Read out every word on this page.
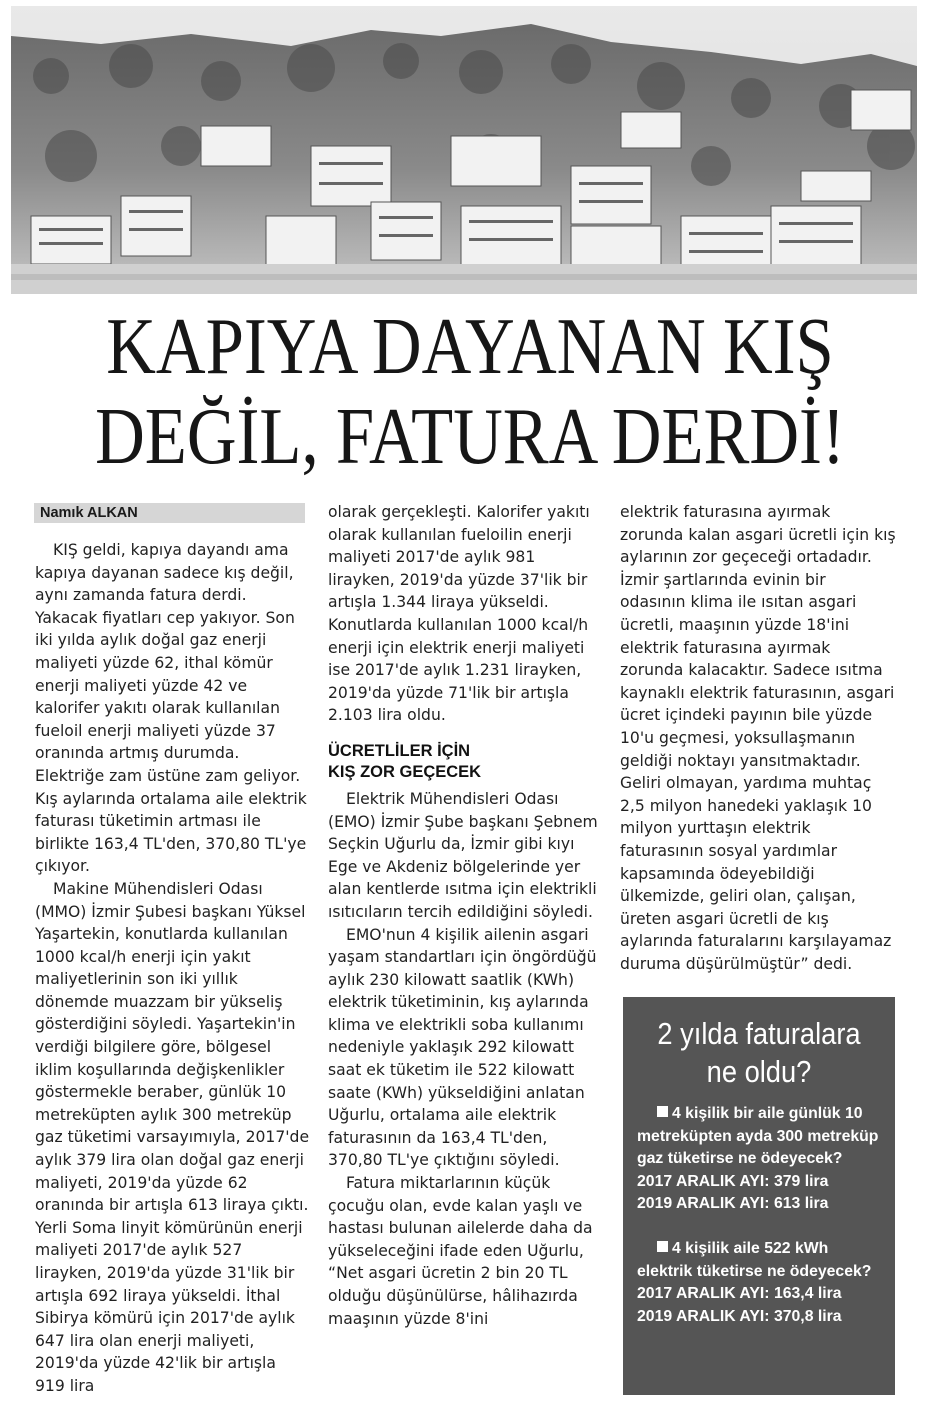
KAPIYA DAYANAN KIŞ
DEĞİL, FATURA DERDİ!
Namık ALKAN

KIŞ geldi, kapıya dayandı ama kapıya dayanan sadece kış değil, aynı zamanda fatura derdi. Yakacak fiyatları cep yakıyor. Son iki yılda aylık doğal gaz enerji maliyeti yüzde 62, ithal kömür enerji maliyeti yüzde 42 ve kalorifer yakıtı olarak kullanılan fueloil enerji maliyeti yüzde 37 oranında artmış durumda. Elektriğe zam üstüne zam geliyor. Kış aylarında ortalama aile elektrik faturası tüketimin artması ile birlikte 163,4 TL'den, 370,80 TL'ye çıkıyor.

Makine Mühendisleri Odası (MMO) İzmir Şubesi başkanı Yüksel Yaşartekin, konutlarda kullanılan 1000 kcal/h enerji için yakıt maliyetlerinin son iki yıllık dönemde muazzam bir yükseliş gösterdiğini söyledi. Yaşartekin'in verdiği bilgilere göre, bölgesel iklim koşullarında değişkenlikler göstermekle beraber, günlük 10 metreküpten aylık 300 metreküp gaz tüketimi varsayımıyla, 2017'de aylık 379 lira olan doğal gaz enerji maliyeti, 2019'da yüzde 62 oranında bir artışla 613 liraya çıktı. Yerli Soma linyit kömürünün enerji maliyeti 2017'de aylık 527 lirayken, 2019'da yüzde 31'lik bir artışla 692 liraya yükseldi. İthal Sibirya kömürü için 2017'de aylık 647 lira olan enerji maliyeti, 2019'da yüzde 42'lik bir artışla 919 lira

olarak gerçekleşti. Kalorifer yakıtı olarak kullanılan fueloilin enerji maliyeti 2017'de aylık 981 lirayken, 2019'da yüzde 37'lik bir artışla 1.344 liraya yükseldi. Konutlarda kullanılan 1000 kcal/h enerji için elektrik enerji maliyeti ise 2017'de aylık 1.231 lirayken, 2019'da yüzde 71'lik bir artışla 2.103 lira oldu.

ÜCRETLİLER İÇİN
KIŞ ZOR GEÇECEK

Elektrik Mühendisleri Odası (EMO) İzmir Şube başkanı Şebnem Seçkin Uğurlu da, İzmir gibi kıyı Ege ve Akdeniz bölgelerinde yer alan kentlerde ısıtma için elektrikli ısıtıcıların tercih edildiğini söyledi.

EMO'nun 4 kişilik ailenin asgari yaşam standartları için öngördüğü aylık 230 kilowatt saatlik (KWh) elektrik tüketiminin, kış aylarında klima ve elektrikli soba kullanımı nedeniyle yaklaşık 292 kilowatt saat ek tüketim ile 522 kilowatt saate (KWh) yükseldiğini anlatan Uğurlu, ortalama aile elektrik faturasının da 163,4 TL'den, 370,80 TL'ye çıktığını söyledi.

Fatura miktarlarının küçük çocuğu olan, evde kalan yaşlı ve hastası bulunan ailelerde daha da yükseleceğini ifade eden Uğurlu, “Net asgari ücretin 2 bin 20 TL olduğu düşünülürse, hâlihazırda maaşının yüzde 8'ini

elektrik faturasına ayırmak zorunda kalan asgari ücretli için kış aylarının zor geçeceği ortadadır. İzmir şartlarında evinin bir odasının klima ile ısıtan asgari ücretli, maaşının yüzde 18'ini elektrik faturasına ayırmak zorunda kalacaktır. Sadece ısıtma kaynaklı elektrik faturasının, asgari ücret içindeki payının bile yüzde 10'u geçmesi, yoksullaşmanın geldiği noktayı yansıtmaktadır. Geliri olmayan, yardıma muhtaç 2,5 milyon hanedeki yaklaşık 10 milyon yurttaşın elektrik faturasının sosyal yardımlar kapsamında ödeyebildiği ülkemizde, geliri olan, çalışan, üreten asgari ücretli de kış aylarında faturalarını karşılayamaz duruma düşürülmüştür” dedi.

2 yılda faturalara
ne oldu?
4 kişilik bir aile günlük 10 metreküpten ayda 300 metreküp gaz tüketirse ne ödeyecek?
2017 ARALIK AYI: 379 lira
2019 ARALIK AYI: 613 lira
4 kişilik aile 522 kWh elektrik tüketirse ne ödeyecek?
2017 ARALIK AYI: 163,4 lira
2019 ARALIK AYI: 370,8 lira
